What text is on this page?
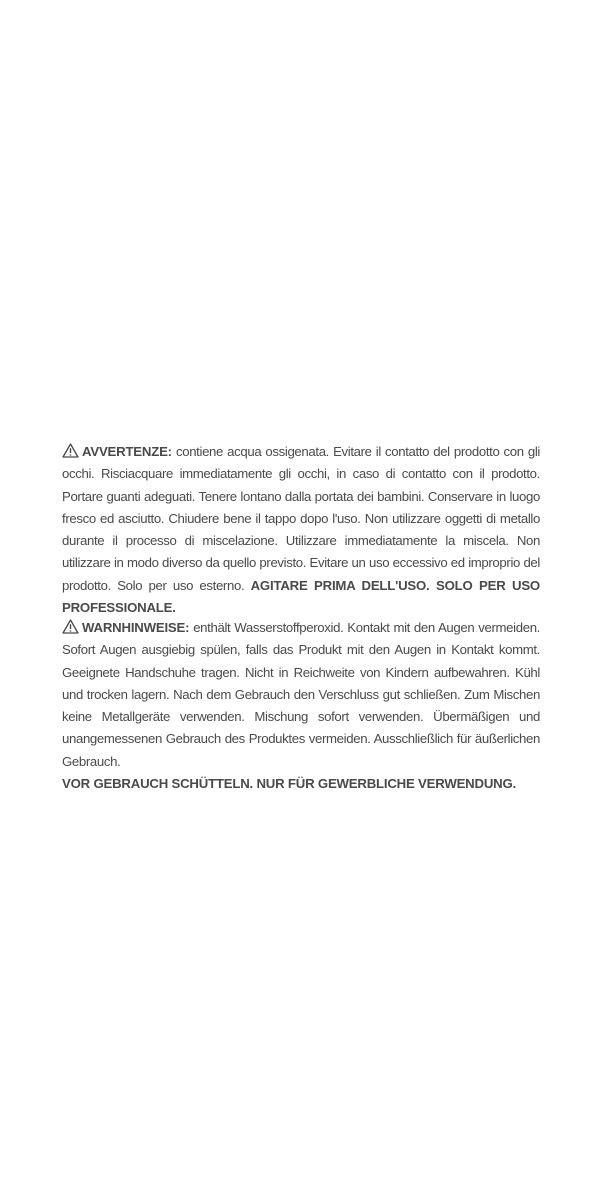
AVVERTENZE: contiene acqua ossigenata. Evitare il contatto del prodotto con gli occhi. Risciacquare immediatamente gli occhi, in caso di contatto con il prodotto. Portare guanti adeguati. Tenere lontano dalla portata dei bambini. Conservare in luogo fresco ed asciutto. Chiudere bene il tappo dopo l'uso. Non utilizzare oggetti di metallo durante il processo di miscelazione. Utilizzare immediatamente la miscela. Non utilizzare in modo diverso da quello previsto. Evitare un uso eccessivo ed improprio del prodotto. Solo per uso esterno. AGITARE PRIMA DELL'USO. SOLO PER USO PROFESSIONALE.
WARNHINWEISE: enthält Wasserstoffperoxid. Kontakt mit den Augen vermeiden. Sofort Augen ausgiebig spülen, falls das Produkt mit den Augen in Kontakt kommt. Geeignete Handschuhe tragen. Nicht in Reichweite von Kindern aufbewahren. Kühl und trocken lagern. Nach dem Gebrauch den Verschluss gut schließen. Zum Mischen keine Metallgeräte verwenden. Mischung sofort verwenden. Übermäßigen und unangemessenen Gebrauch des Produktes vermeiden. Ausschließlich für äußerlichen Gebrauch.
VOR GEBRAUCH SCHÜTTELN. NUR FÜR GEWERBLICHE VERWENDUNG.
